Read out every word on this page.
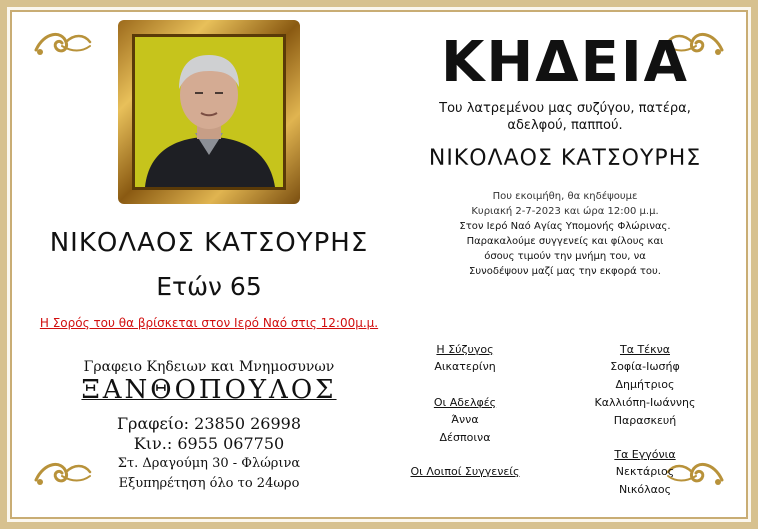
ΝΙΚΟΛΑΟΣ ΚΑΤΣΟΥΡΗΣ
Ετών 65
Η Σορός του θα βρίσκεται στον Ιερό Ναό στις 12:00μ.μ.
Γραφειο Κηδειων και Μνημοσυνων
ΞΑΝΘΟΠΟΥΛΟΣ
Γραφείο: 23850 26998
Κιν.: 6955 067750
Στ. Δραγούμη 30 - Φλώρινα
Εξυπηρέτηση όλο το 24ωρο
ΚΗΔΕΙΑ
Του λατρεμένου μας συζύγου, πατέρα,
αδελφού, παππού.
ΝΙΚΟΛΑΟΣ ΚΑΤΣΟΥΡΗΣ
Που εκοιμήθη, θα κηδέψουμε
Κυριακή 2-7-2023 και ώρα 12:00 μ.μ.
Στον Ιερό Ναό Αγίας Υπομονής Φλώρινας.
Παρακαλούμε συγγενείς και φίλους και
όσους τιμούν την μνήμη του, να
Συνοδέψουν μαζί μας την εκφορά του.
Η Σύζυγος
Αικατερίνη
Οι Αδελφές
Άννα
Δέσποινα
Οι Λοιποί Συγγενείς
Τα Τέκνα
Σοφία-Ιωσήφ
Δημήτριος
Καλλιόπη-Ιωάννης
Παρασκευή
Τα Εγγόνια
Νεκτάριος
Νικόλαος
